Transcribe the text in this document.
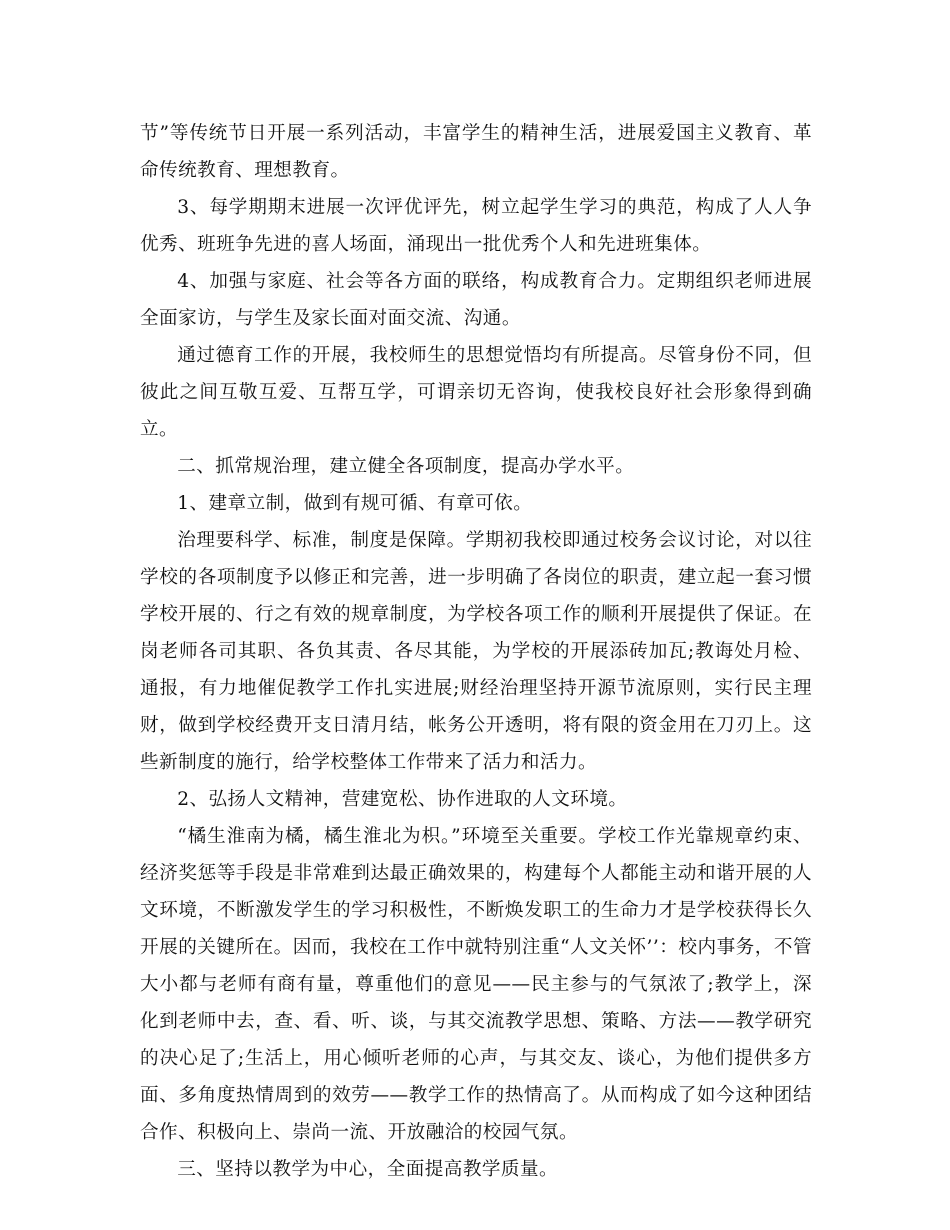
节”等传统节日开展一系列活动，丰富学生的精神生活，进展爱国主义教育、革命传统教育、理想教育。

3、每学期期末进展一次评优评先，树立起学生学习的典范，构成了人人争优秀、班班争先进的喜人场面，涌现出一批优秀个人和先进班集体。

4、加强与家庭、社会等各方面的联络，构成教育合力。定期组织老师进展全面家访，与学生及家长面对面交流、沟通。

通过德育工作的开展，我校师生的思想觉悟均有所提高。尽管身份不同，但彼此之间互敬互爱、互帮互学，可谓亲切无咨询，使我校良好社会形象得到确立。

二、抓常规治理，建立健全各项制度，提高办学水平。

1、建章立制，做到有规可循、有章可依。

治理要科学、标准，制度是保障。学期初我校即通过校务会议讨论，对以往学校的各项制度予以修正和完善，进一步明确了各岗位的职责，建立起一套习惯学校开展的、行之有效的规章制度，为学校各项工作的顺利开展提供了保证。在岗老师各司其职、各负其责、各尽其能，为学校的开展添砖加瓦;教诲处月检、通报，有力地催促教学工作扎实进展;财经治理坚持开源节流原则，实行民主理财，做到学校经费开支日清月结，帐务公开透明，将有限的资金用在刀刃上。这些新制度的施行，给学校整体工作带来了活力和活力。

2、弘扬人文精神，营建宽松、协作进取的人文环境。

“橘生淮南为橘，橘生淮北为枳。”环境至关重要。学校工作光靠规章约束、经济奖惩等手段是非常难到达最正确效果的，构建每个人都能主动和谐开展的人文环境，不断激发学生的学习积极性，不断焕发职工的生命力才是学校获得长久开展的关键所在。因而，我校在工作中就特别注重“人文关怀’’：校内事务，不管大小都与老师有商有量，尊重他们的意见——民主参与的气氛浓了;教学上，深化到老师中去，查、看、听、谈，与其交流教学思想、策略、方法——教学研究的决心足了;生活上，用心倾听老师的心声，与其交友、谈心，为他们提供多方面、多角度热情周到的效劳——教学工作的热情高了。从而构成了如今这种团结合作、积极向上、崇尚一流、开放融洽的校园气氛。

三、坚持以教学为中心，全面提高教学质量。
